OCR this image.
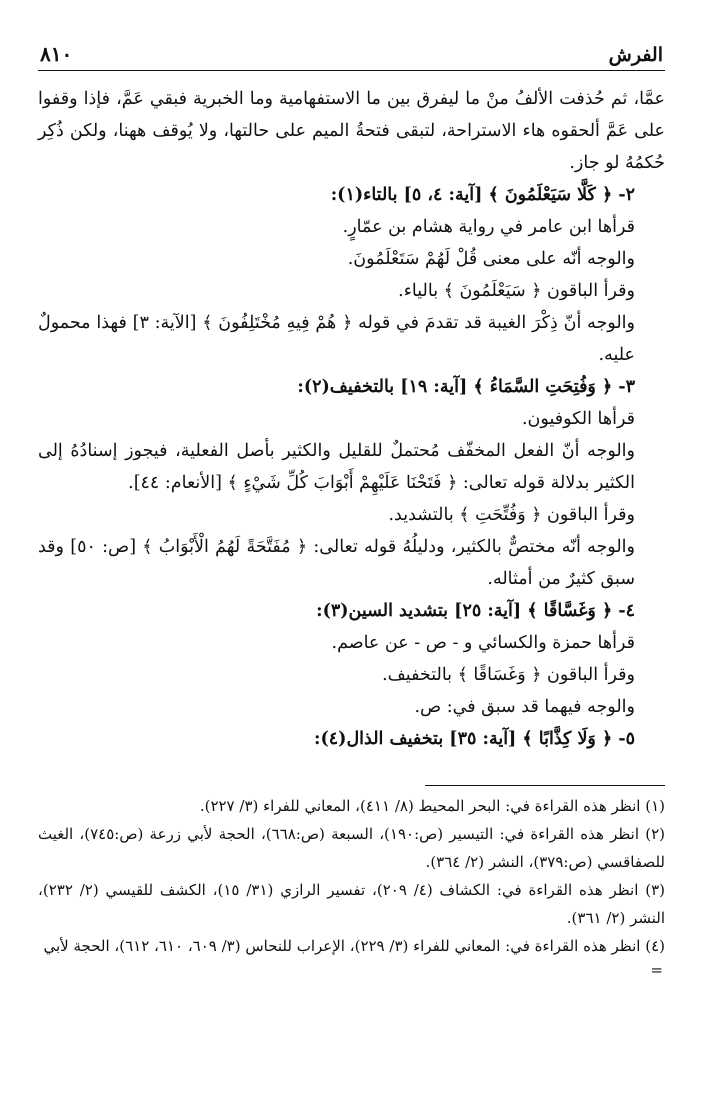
الفرش
٨١٠

عمَّا، ثم حُذفت الألفُ منْ ما ليفرق بين ما الاستفهامية وما الخبرية فبقي عَمَّ، فإذا وقفوا على عَمَّ ألحقوه هاء الاستراحة، لتبقى فتحةُ الميم على حالتها، ولا يُوقف ههنا، ولكن ذُكِر حُكمُهُ لو جاز.

٢- ﴿ كَلَّا سَيَعْلَمُونَ ﴾ [آية: ٤، ٥] بالتاء(١):

قرأها ابن عامر في رواية هشام بن عمّارٍ.

والوجه أنّه على معنى قُلْ لَهُمْ سَتَعْلَمُونَ.

وقرأ الباقون ﴿ سَيَعْلَمُونَ ﴾ بالياء.

والوجه أنّ ذِكْرَ الغيبة قد تقدمَ في قوله ﴿ هُمْ فِيهِ مُخْتَلِفُونَ ﴾ [الآية: ٣] فهذا محمولٌ عليه.

٣- ﴿ وَفُتِحَتِ السَّمَاءُ ﴾ [آية: ١٩] بالتخفيف(٢):

قرأها الكوفيون.

والوجه أنّ الفعل المخفّف مُحتملٌ للقليل والكثير بأصل الفعلية، فيجوز إسنادُهُ إلى الكثير بدلالة قوله تعالى: ﴿ فَتَحْنَا عَلَيْهِمْ أَبْوَابَ كُلِّ شَيْءٍ ﴾ [الأنعام: ٤٤].

وقرأ الباقون ﴿ وَفُتِّحَتِ ﴾ بالتشديد.

والوجه أنّه مختصٌّ بالكثير، ودليلُهُ قوله تعالى: ﴿ مُفَتَّحَةً لَهُمُ الْأَبْوَابُ ﴾ [ص: ٥٠] وقد سبق كثيرٌ من أمثاله.

٤- ﴿ وَغَسَّاقًا ﴾ [آية: ٢٥] بتشديد السين(٣):

قرأها حمزة والكسائي و - ص - عن عاصم.

وقرأ الباقون ﴿ وَغَسَاقًا ﴾ بالتخفيف.

والوجه فيهما قد سبق في: ص.

٥- ﴿ وَلَا كِذَّابًا ﴾ [آية: ٣٥] بتخفيف الذال(٤):

(١) انظر هذه القراءة في: البحر المحيط (٨/ ٤١١)، المعاني للفراء (٣/ ٢٢٧).

(٢) انظر هذه القراءة في: التيسير (ص:١٩٠)، السبعة (ص:٦٦٨)، الحجة لأبي زرعة (ص:٧٤٥)، الغيث للصفاقسي (ص:٣٧٩)، النشر (٢/ ٣٦٤).

(٣) انظر هذه القراءة في: الكشاف (٤/ ٢٠٩)، تفسير الرازي (٣١/ ١٥)، الكشف للقيسي (٢/ ٢٣٢)، النشر (٢/ ٣٦١).

(٤) انظر هذه القراءة في: المعاني للفراء (٣/ ٢٢٩)، الإعراب للنحاس (٣/ ٦٠٩، ٦١٠، ٦١٢)، الحجة لأبي

=
